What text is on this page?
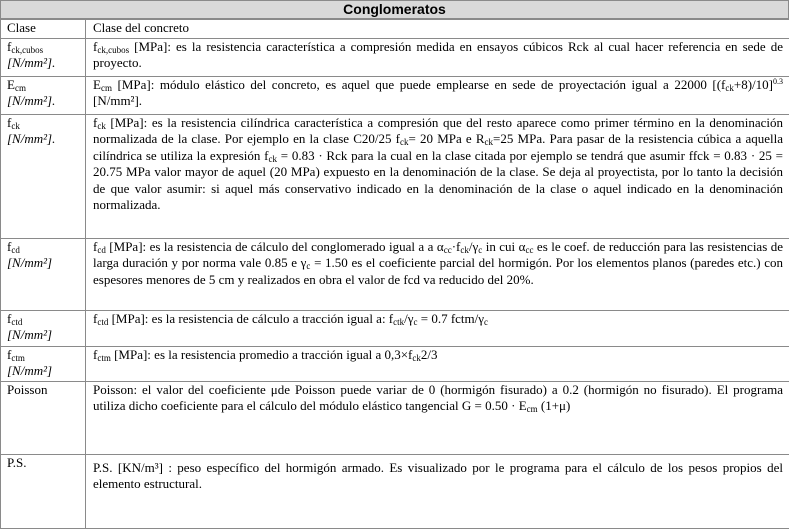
Conglomeratos
Clase	Clase del concreto
$f_{ck,cubos}$
[N/mm²].	$f_{ck,cubos}$ [MPa]: es la resistencia característica a compresión medida en ensayos cúbicos Rck al cual hacer referencia en sede de proyecto.
$E_{cm}$
[N/mm²].	$E_{cm}$ [MPa]: módulo elástico del concreto, es aquel que puede emplearse en sede de proyectación igual a 22000 $[(f_{ck}+8)/10]^{0.3}$ [N/mm²].
$f_{ck}$
[N/mm²].	$f_{ck}$ [MPa]: es la resistencia cilíndrica característica a compresión que del resto aparece como primer término en la denominación normalizada de la clase. Por ejemplo en la clase C20/25 $f_{ck}= 20$ MPa e $R_{ck}=25$ MPa. Para pasar de la resistencia cúbica a aquella cilíndrica se utiliza la expresión $f_{ck} = 0.83$ · Rck para la cual en la clase citada por ejemplo se tendrá que asumir ffck = 0.83 · 25 = 20.75 MPa valor mayor de aquel (20 MPa) expuesto en la denominación de la clase. Se deja al proyectista, por lo tanto la decisión de que valor asumir: si aquel más conservativo indicado en la denominación de la clase o aquel indicado en la denominación normalizada.
$f_{cd}$
[N/mm²]	$f_{cd}$ [MPa]: es la resistencia de cálculo del conglomerado igual a a $\alpha_{cc}\cdot f_{ck}/\gamma_c$ in cui $\alpha_{cc}$ es le coef. de reducción para las resistencias de larga duración y por norma vale 0.85 e $\gamma_c = 1.50$ es el coeficiente parcial del hormigón. Por los elementos planos (paredes etc.) con espesores menores de 5 cm y realizados en obra el valor de fcd va reducido del 20%.
$f_{ctd}$
[N/mm²]	$f_{ctd}$ [MPa]: es la resistencia de cálculo a tracción igual a: $f_{ctk}/\gamma_c = 0.7$ fctm/$\gamma_c$
$f_{ctm}$
[N/mm²]	$f_{ctm}$ [MPa]: es la resistencia promedio a tracción igual a $0,3\times f_{ck}2/3$
Poisson	Poisson: el valor del coeficiente μde Poisson puede variar de 0 (hormigón fisurado) a 0.2 (hormigón no fisurado). El programa utiliza dicho coeficiente para el cálculo del módulo elástico tangencial $G = 0.50 \cdot E_{cm}$ (1+μ)
P.S.	P.S. [KN/m³] : peso específico del hormigón armado. Es visualizado por le programa para el cálculo de los pesos propios del elemento estructural.
